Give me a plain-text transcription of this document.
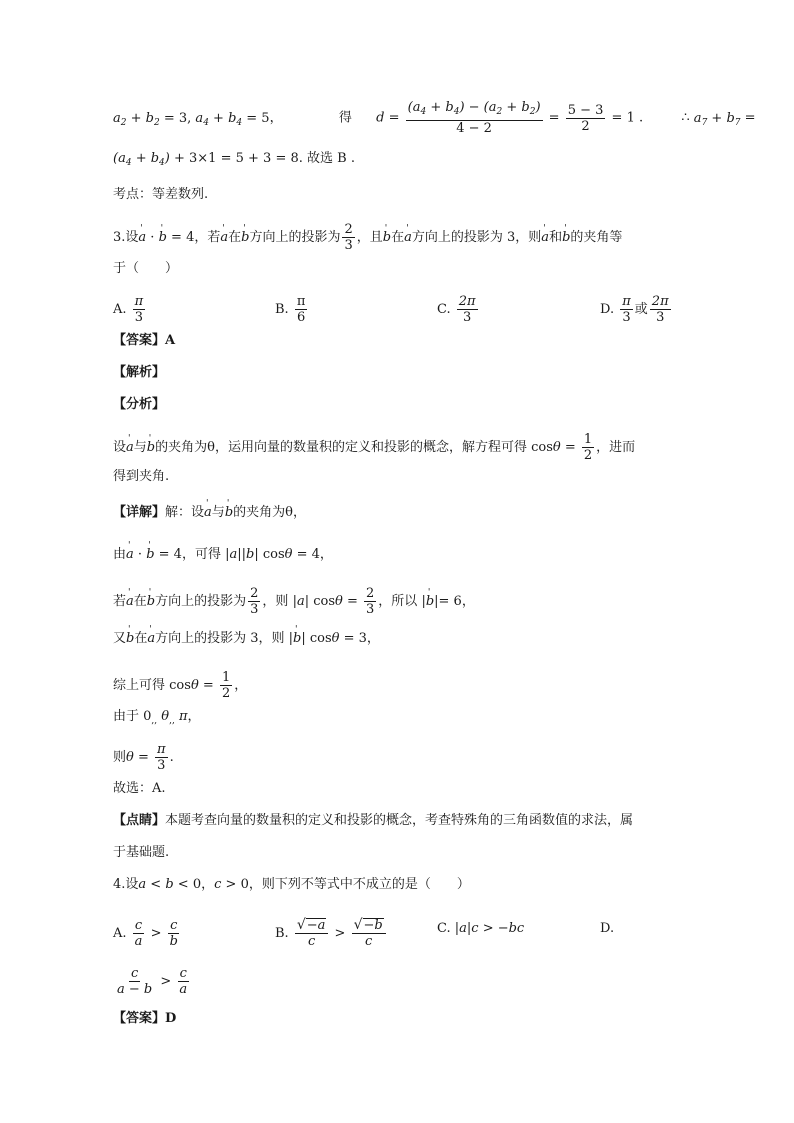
$a_2 + b_2 = 3$, $a_4 + b_4 = 5$，	得 $d = \frac{(a_4 + b_4) - (a_2 + b_2)}{4 - 2} = \frac{5 - 3}{2} = 1$ .  ∴ $a_7 + b_7$ =
$(a_4 + b_4) + 3\times 1 = 5 + 3 = 8$. 故选 B .
考点：等差数列.
3.设' a · ' b = 4，若' a在' b方向上的投影为 $\frac{2}{3}$ ，且' b在' a方向上的投影为 3，则' a和' b的夹角等
于（　　）
A. $\frac{\pi}{3}$	B. $\frac{\pi}{6}$	C. $\frac{2\pi}{3}$	D. $\frac{\pi}{3}$ 或 $\frac{2\pi}{3}$
【答案】A
【解析】
【分析】
设' a与' b的夹角为θ，运用向量的数量积的定义和投影的概念，解方程可得 $\cos\theta = \frac{1}{2}$ ，进而
得到夹角.
【详解】解：设' a与' b的夹角为θ，
由' a · ' b = 4，可得 |a||b| cosθ = 4，
若' a在' b方向上的投影为 $\frac{2}{3}$ ，则 |a| $\cos\theta = \frac{2}{3}$ ，所以 |' b|= 6，
又' b在' a方向上的投影为 3，则 |' b| cosθ = 3，
综上可得 $\cos\theta = \frac{1}{2}$ ，
由于 $0_{,,}$ $\theta_{,,}$ π，
则$\theta = \frac{\pi}{3}$ .
故选：A.
【点睛】本题考查向量的数量积的定义和投影的概念，考查特殊角的三角函数值的求法，属
于基础题.
4.设a < b < 0，c > 0，则下列不等式中不成立的是（　　）
A. $\frac{c}{a} > \frac{c}{b}$	B. $\frac{√ -a}{c} > \frac{√ -b}{c}$	C. |a|c > −bc	D.
$\frac{c}{a - b} > \frac{c}{a}$
【答案】D
